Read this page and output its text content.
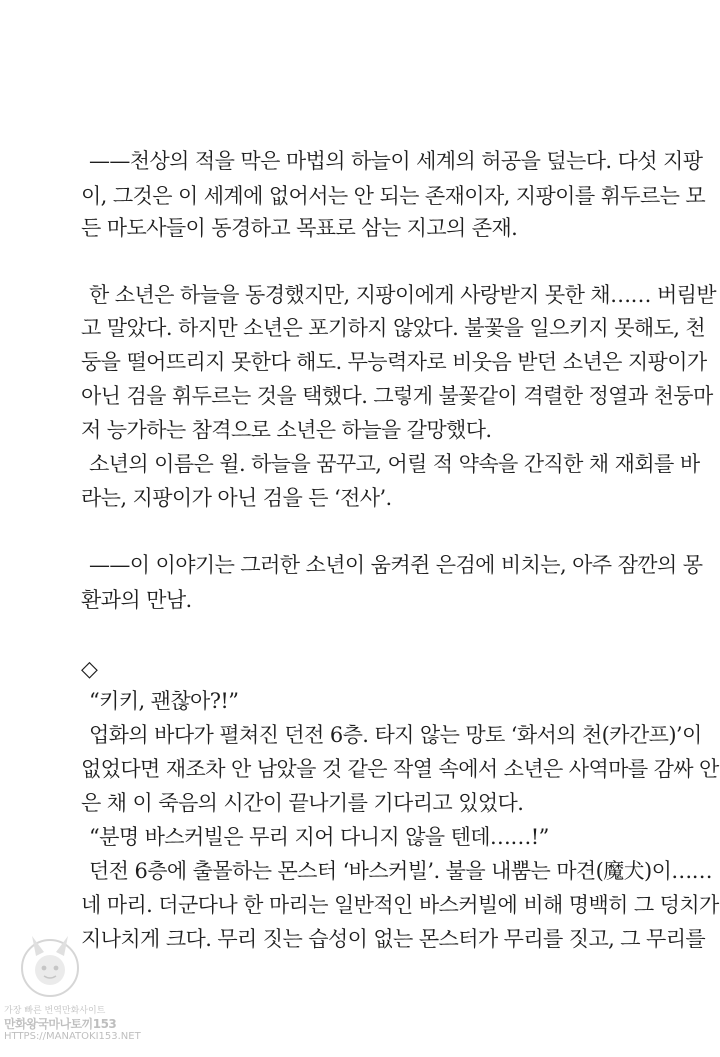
——천상의 적을 막은 마법의 하늘이 세계의 허공을 덮는다. 다섯 지팡
이, 그것은 이 세계에 없어서는 안 되는 존재이자, 지팡이를 휘두르는 모
든 마도사들이 동경하고 목표로 삼는 지고의 존재.
한 소년은 하늘을 동경했지만, 지팡이에게 사랑받지 못한 채…… 버림받
고 말았다. 하지만 소년은 포기하지 않았다. 불꽃을 일으키지 못해도, 천
둥을 떨어뜨리지 못한다 해도. 무능력자로 비웃음 받던 소년은 지팡이가
아닌 검을 휘두르는 것을 택했다. 그렇게 불꽃같이 격렬한 정열과 천둥마
저 능가하는 참격으로 소년은 하늘을 갈망했다.
소년의 이름은 윌. 하늘을 꿈꾸고, 어릴 적 약속을 간직한 채 재회를 바
라는, 지팡이가 아닌 검을 든 ‘전사’.
——이 이야기는 그러한 소년이 움켜쥔 은검에 비치는, 아주 잠깐의 몽
환과의 만남.
◇
“키키, 괜찮아?!”
업화의 바다가 펼쳐진 던전 6층. 타지 않는 망토 ‘화서의 천(카간프)’이
없었다면 재조차 안 남았을 것 같은 작열 속에서 소년은 사역마를 감싸 안
은 채 이 죽음의 시간이 끝나기를 기다리고 있었다.
“분명 바스커빌은 무리 지어 다니지 않을 텐데……!”
던전 6층에 출몰하는 몬스터 ‘바스커빌’. 불을 내뿜는 마견(魔犬)이……
네 마리. 더군다나 한 마리는 일반적인 바스커빌에 비해 명백히 그 덩치가
지나치게 크다. 무리 짓는 습성이 없는 몬스터가 무리를 짓고, 그 무리를
가장 빠른 번역만화사이트
만화왕국마나토끼153
HTTPS://MANATOKI153.NET
